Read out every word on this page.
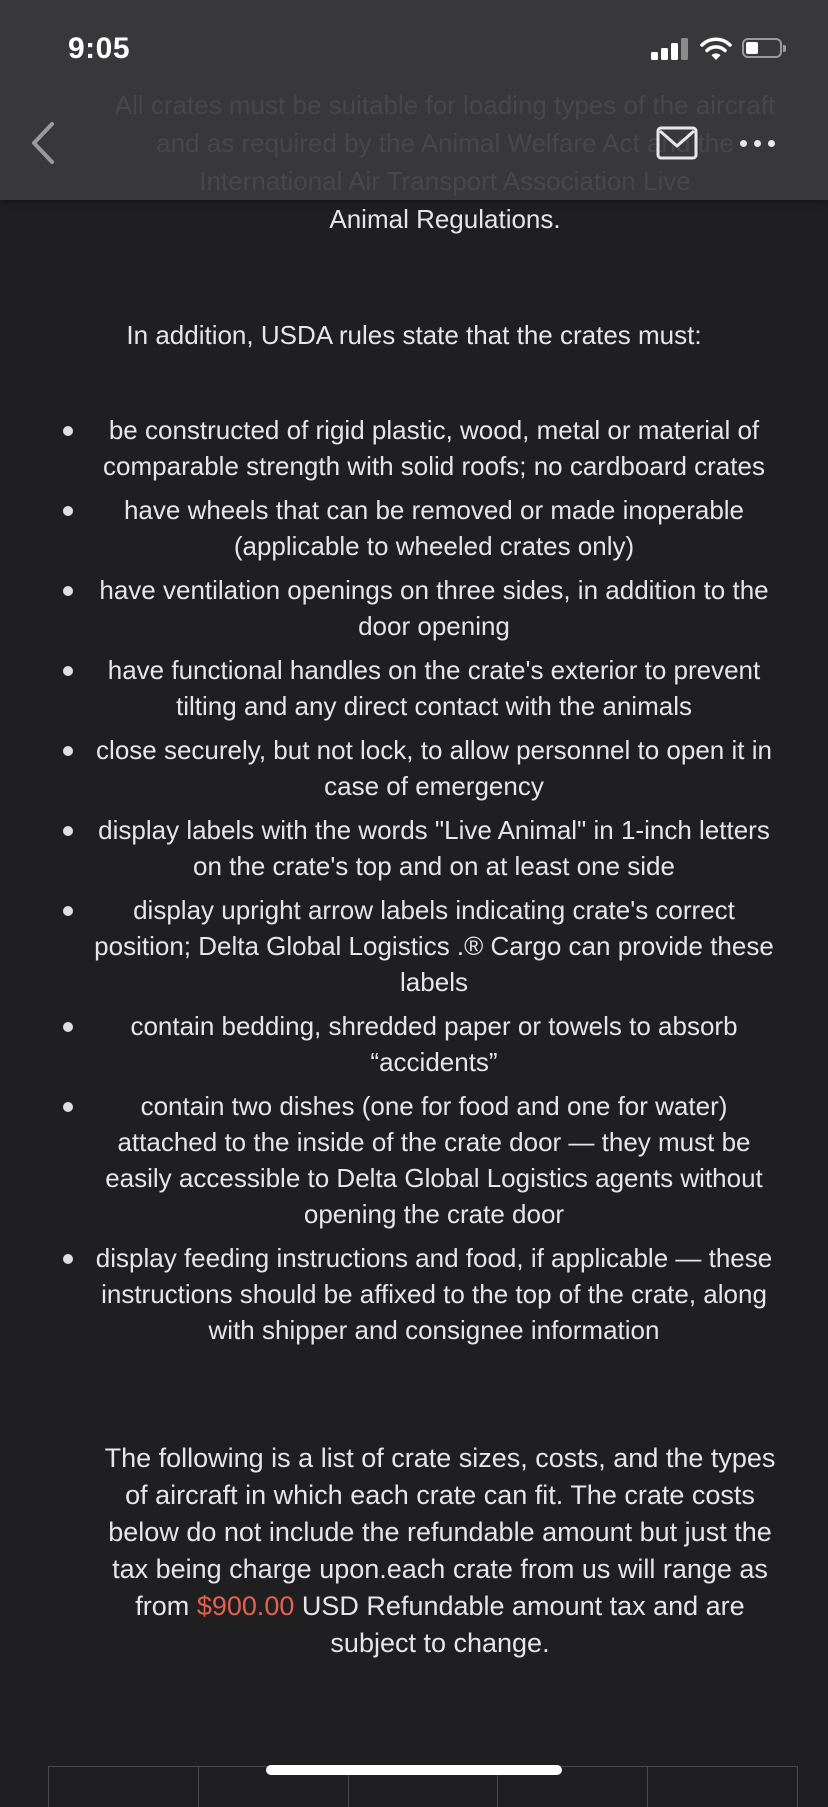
Animal Regulations.
In addition, USDA rules state that the crates must:
be constructed of rigid plastic, wood, metal or material of comparable strength with solid roofs; no cardboard crates
have wheels that can be removed or made inoperable (applicable to wheeled crates only)
have ventilation openings on three sides, in addition to the door opening
have functional handles on the crate's exterior to prevent tilting and any direct contact with the animals
close securely, but not lock, to allow personnel to open it in case of emergency
display labels with the words "Live Animal" in 1-inch letters on the crate's top and on at least one side
display upright arrow labels indicating crate's correct position; Delta Global Logistics .® Cargo can provide these labels
contain bedding, shredded paper or towels to absorb “accidents”
contain two dishes (one for food and one for water) attached to the inside of the crate door — they must be easily accessible to Delta Global Logistics agents without opening the crate door
display feeding instructions and food, if applicable — these instructions should be affixed to the top of the crate, along with shipper and consignee information
The following is a list of crate sizes, costs, and the types of aircraft in which each crate can fit. The crate costs below do not include the refundable amount but just the tax being charge upon.each crate from us will range as from $900.00 USD Refundable amount tax and are subject to change.
9:05
